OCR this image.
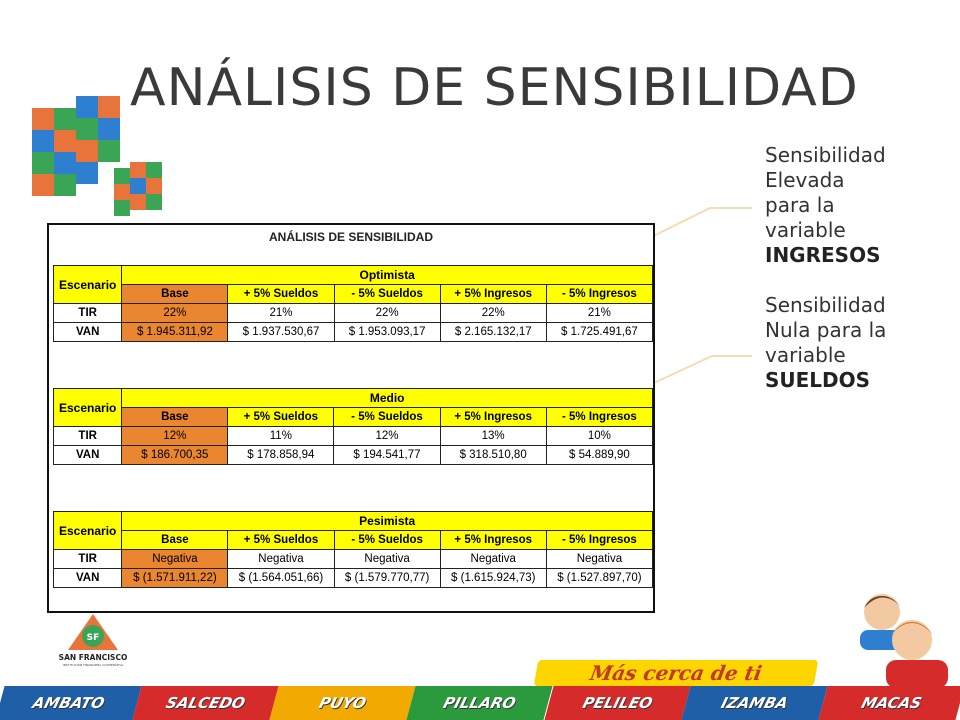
ANÁLISIS DE SENSIBILIDAD
Sensibilidad
Elevada
para la
variable
INGRESOS
Sensibilidad
Nula para la
variable
SUELDOS
ANÁLISIS DE SENSIBILIDAD
Escenario	Optimista				
	Base	+ 5% Sueldos	- 5% Sueldos	+ 5% Ingresos	- 5% Ingresos
TIR	22%	21%	22%	22%	21%
VAN	$ 1.945.311,92	$ 1.937.530,67	$ 1.953.093,17	$ 2.165.132,17	$ 1.725.491,67
Escenario	Medio				
	Base	+ 5% Sueldos	- 5% Sueldos	+ 5% Ingresos	- 5% Ingresos
TIR	12%	11%	12%	13%	10%
VAN	$ 186.700,35	$ 178.858,94	$ 194.541,77	$ 318.510,80	$ 54.889,90
Escenario	Pesimista				
	Base	+ 5% Sueldos	- 5% Sueldos	+ 5% Ingresos	- 5% Ingresos
TIR	Negativa	Negativa	Negativa	Negativa	Negativa
VAN	$ (1.571.911,22)	$ (1.564.051,66)	$ (1.579.770,77)	$ (1.615.924,73)	$ (1.527.897,70)
SF
SAN FRANCISCO
INSTITUCIÓN FINANCIERA COOPERATIVA	Más cerca de ti
AMBATO	SALCEDO	PUYO	PILLARO	PELILEO	IZAMBA	MACAS
